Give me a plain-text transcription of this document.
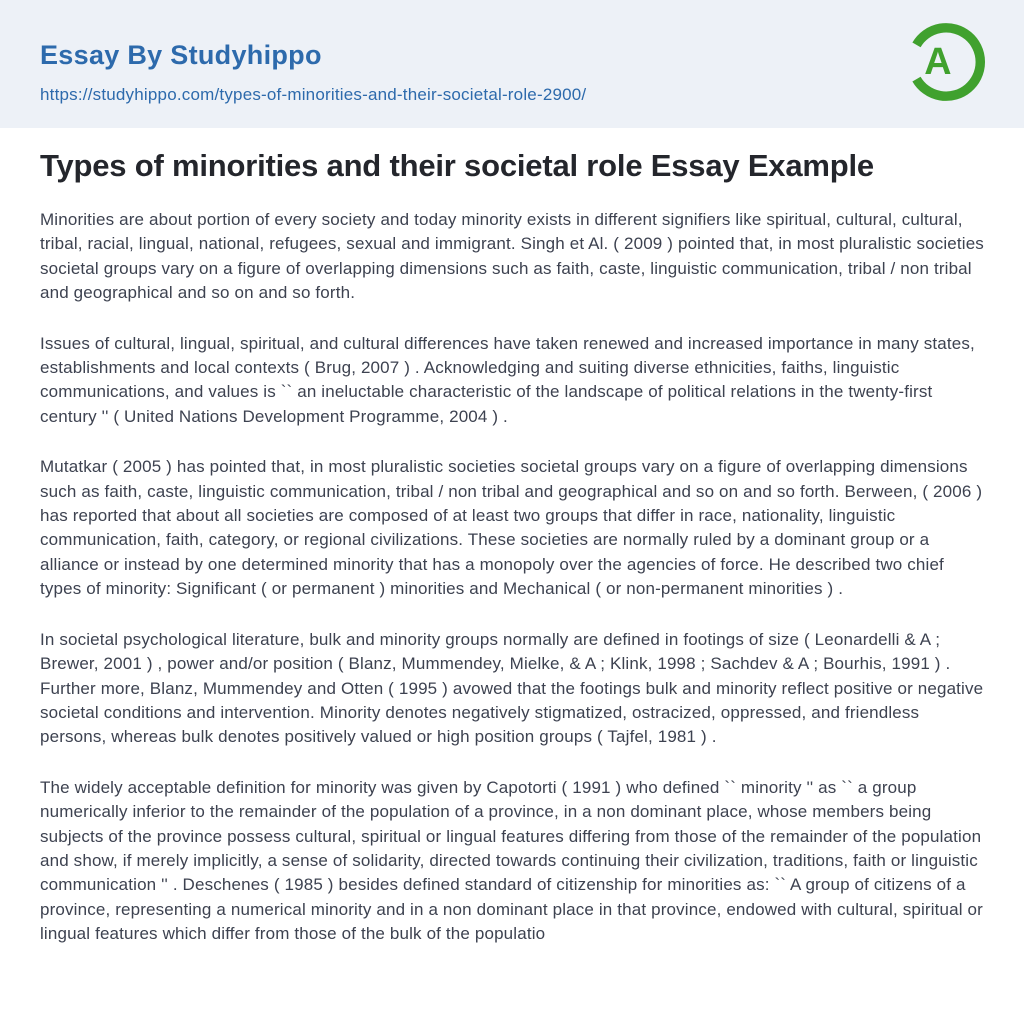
Essay By Studyhippo
https://studyhippo.com/types-of-minorities-and-their-societal-role-2900/
A
Types of minorities and their societal role Essay Example

Minorities are about portion of every society and today minority exists in different signifiers like spiritual, cultural, cultural, tribal, racial, lingual, national, refugees, sexual and immigrant. Singh et Al. ( 2009 ) pointed that, in most pluralistic societies societal groups vary on a figure of overlapping dimensions such as faith, caste, linguistic communication, tribal / non tribal and geographical and so on and so forth.

Issues of cultural, lingual, spiritual, and cultural differences have taken renewed and increased importance in many states, establishments and local contexts ( Brug, 2007 ) . Acknowledging and suiting diverse ethnicities, faiths, linguistic communications, and values is `` an ineluctable characteristic of the landscape of political relations in the twenty-first century '' ( United Nations Development Programme, 2004 ) .

Mutatkar ( 2005 ) has pointed that, in most pluralistic societies societal groups vary on a figure of overlapping dimensions such as faith, caste, linguistic communication, tribal / non tribal and geographical and so on and so forth. Berween, ( 2006 ) has reported that about all societies are composed of at least two groups that differ in race, nationality, linguistic communication, faith, category, or regional civilizations. These societies are normally ruled by a dominant group or a alliance or instead by one determined minority that has a monopoly over the agencies of force. He described two chief types of minority: Significant ( or permanent ) minorities and Mechanical ( or non-permanent minorities ) .

In societal psychological literature, bulk and minority groups normally are defined in footings of size ( Leonardelli & A ; Brewer, 2001 ) , power and/or position ( Blanz, Mummendey, Mielke, & A ; Klink, 1998 ; Sachdev & A ; Bourhis, 1991 ) . Further more, Blanz, Mummendey and Otten ( 1995 ) avowed that the footings bulk and minority reflect positive or negative societal conditions and intervention. Minority denotes negatively stigmatized, ostracized, oppressed, and friendless persons, whereas bulk denotes positively valued or high position groups ( Tajfel, 1981 ) .

The widely acceptable definition for minority was given by Capotorti ( 1991 ) who defined `` minority '' as `` a group numerically inferior to the remainder of the population of a province, in a non dominant place, whose members being subjects of the province possess cultural, spiritual or lingual features differing from those of the remainder of the population and show, if merely implicitly, a sense of solidarity, directed towards continuing their civilization, traditions, faith or linguistic communication '' . Deschenes ( 1985 ) besides defined standard of citizenship for minorities as: `` A group of citizens of a province, representing a numerical minority and in a non dominant place in that province, endowed with cultural, spiritual or lingual features which differ from those of the bulk of the populatio
